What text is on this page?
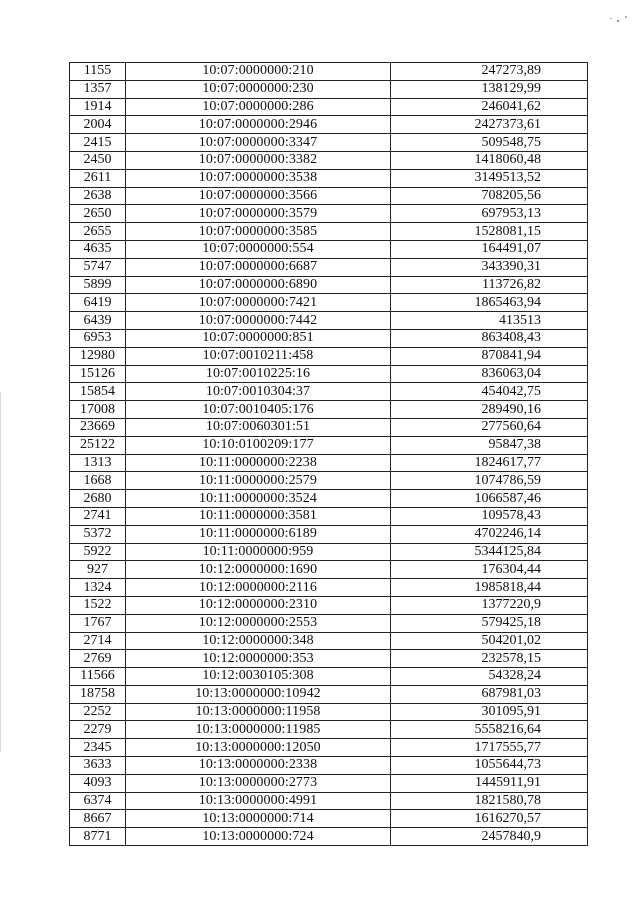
1155	10:07:0000000:210	247273,89
1357	10:07:0000000:230	138129,99
1914	10:07:0000000:286	246041,62
2004	10:07:0000000:2946	2427373,61
2415	10:07:0000000:3347	509548,75
2450	10:07:0000000:3382	1418060,48
2611	10:07:0000000:3538	3149513,52
2638	10:07:0000000:3566	708205,56
2650	10:07:0000000:3579	697953,13
2655	10:07:0000000:3585	1528081,15
4635	10:07:0000000:554	164491,07
5747	10:07:0000000:6687	343390,31
5899	10:07:0000000:6890	113726,82
6419	10:07:0000000:7421	1865463,94
6439	10:07:0000000:7442	413513
6953	10:07:0000000:851	863408,43
12980	10:07:0010211:458	870841,94
15126	10:07:0010225:16	836063,04
15854	10:07:0010304:37	454042,75
17008	10:07:0010405:176	289490,16
23669	10:07:0060301:51	277560,64
25122	10:10:0100209:177	95847,38
1313	10:11:0000000:2238	1824617,77
1668	10:11:0000000:2579	1074786,59
2680	10:11:0000000:3524	1066587,46
2741	10:11:0000000:3581	109578,43
5372	10:11:0000000:6189	4702246,14
5922	10:11:0000000:959	5344125,84
927	10:12:0000000:1690	176304,44
1324	10:12:0000000:2116	1985818,44
1522	10:12:0000000:2310	1377220,9
1767	10:12:0000000:2553	579425,18
2714	10:12:0000000:348	504201,02
2769	10:12:0000000:353	232578,15
11566	10:12:0030105:308	54328,24
18758	10:13:0000000:10942	687981,03
2252	10:13:0000000:11958	301095,91
2279	10:13:0000000:11985	5558216,64
2345	10:13:0000000:12050	1717555,77
3633	10:13:0000000:2338	1055644,73
4093	10:13:0000000:2773	1445911,91
6374	10:13:0000000:4991	1821580,78
8667	10:13:0000000:714	1616270,57
8771	10:13:0000000:724	2457840,9
